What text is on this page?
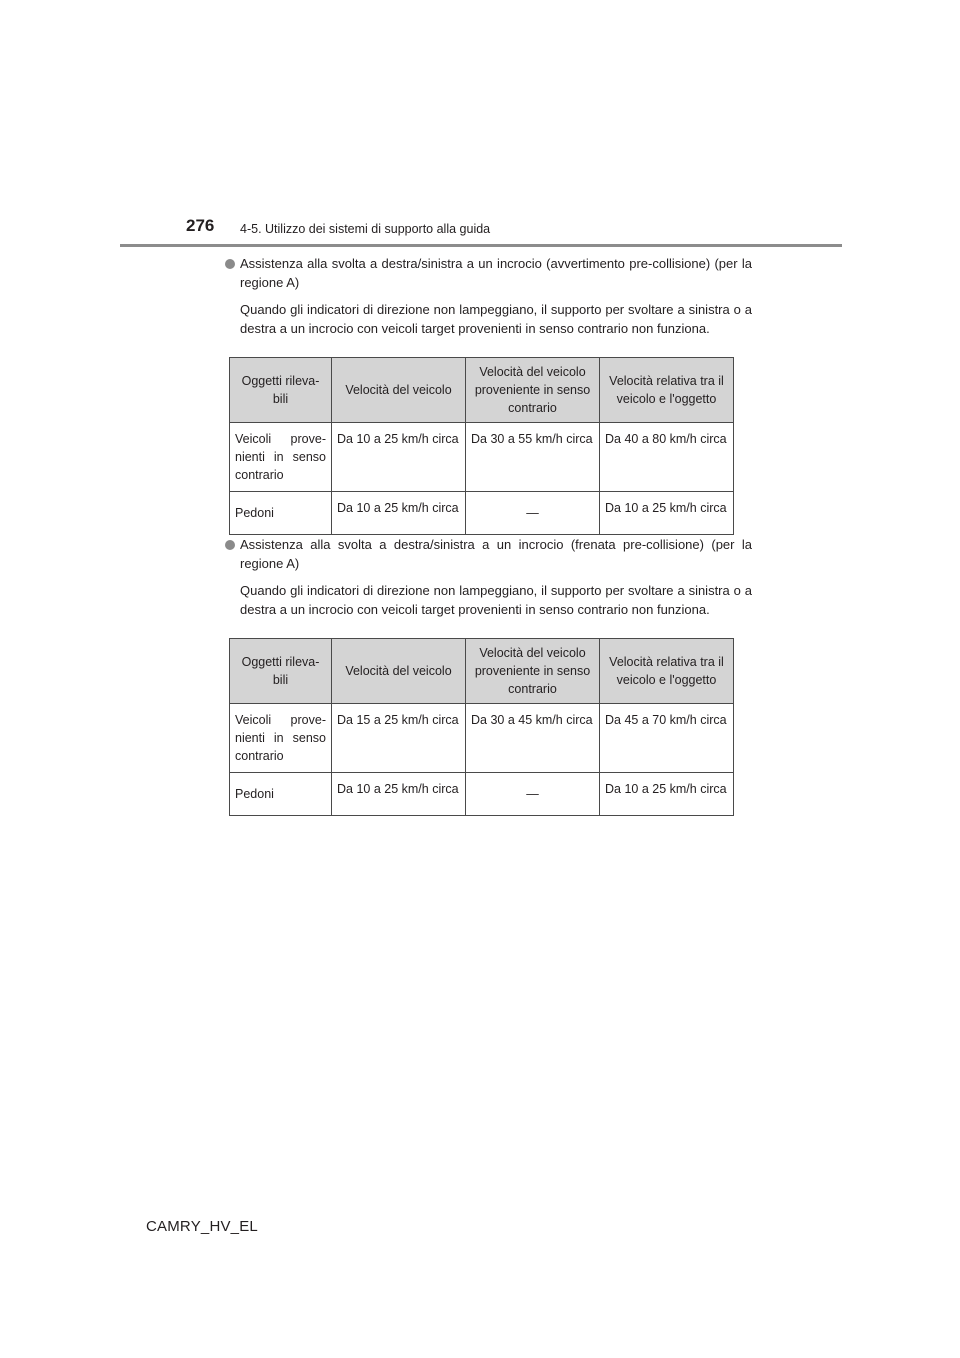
276 4-5. Utilizzo dei sistemi di supporto alla guida
Assistenza alla svolta a destra/sinistra a un incrocio (avvertimento pre-collisione) (per la regione A)
Quando gli indicatori di direzione non lampeggiano, il supporto per svoltare a sinistra o a destra a un incrocio con veicoli target provenienti in senso contrario non funziona.
Oggetti rileva-bili	Velocità del veicolo	Velocità del veicolo proveniente in senso contrario	Velocità relativa tra il veicolo e l'oggetto
Veicoli prove-nienti in senso contrario	Da 10 a 25 km/h circa	Da 30 a 55 km/h circa	Da 40 a 80 km/h circa
Pedoni	Da 10 a 25 km/h circa	—	Da 10 a 25 km/h circa
Assistenza alla svolta a destra/sinistra a un incrocio (frenata pre-collisione) (per la regione A)
Quando gli indicatori di direzione non lampeggiano, il supporto per svoltare a sinistra o a destra a un incrocio con veicoli target provenienti in senso contrario non funziona.
Oggetti rileva-bili	Velocità del veicolo	Velocità del veicolo proveniente in senso contrario	Velocità relativa tra il veicolo e l'oggetto
Veicoli prove-nienti in senso contrario	Da 15 a 25 km/h circa	Da 30 a 45 km/h circa	Da 45 a 70 km/h circa
Pedoni	Da 10 a 25 km/h circa	—	Da 10 a 25 km/h circa
CAMRY_HV_EL
